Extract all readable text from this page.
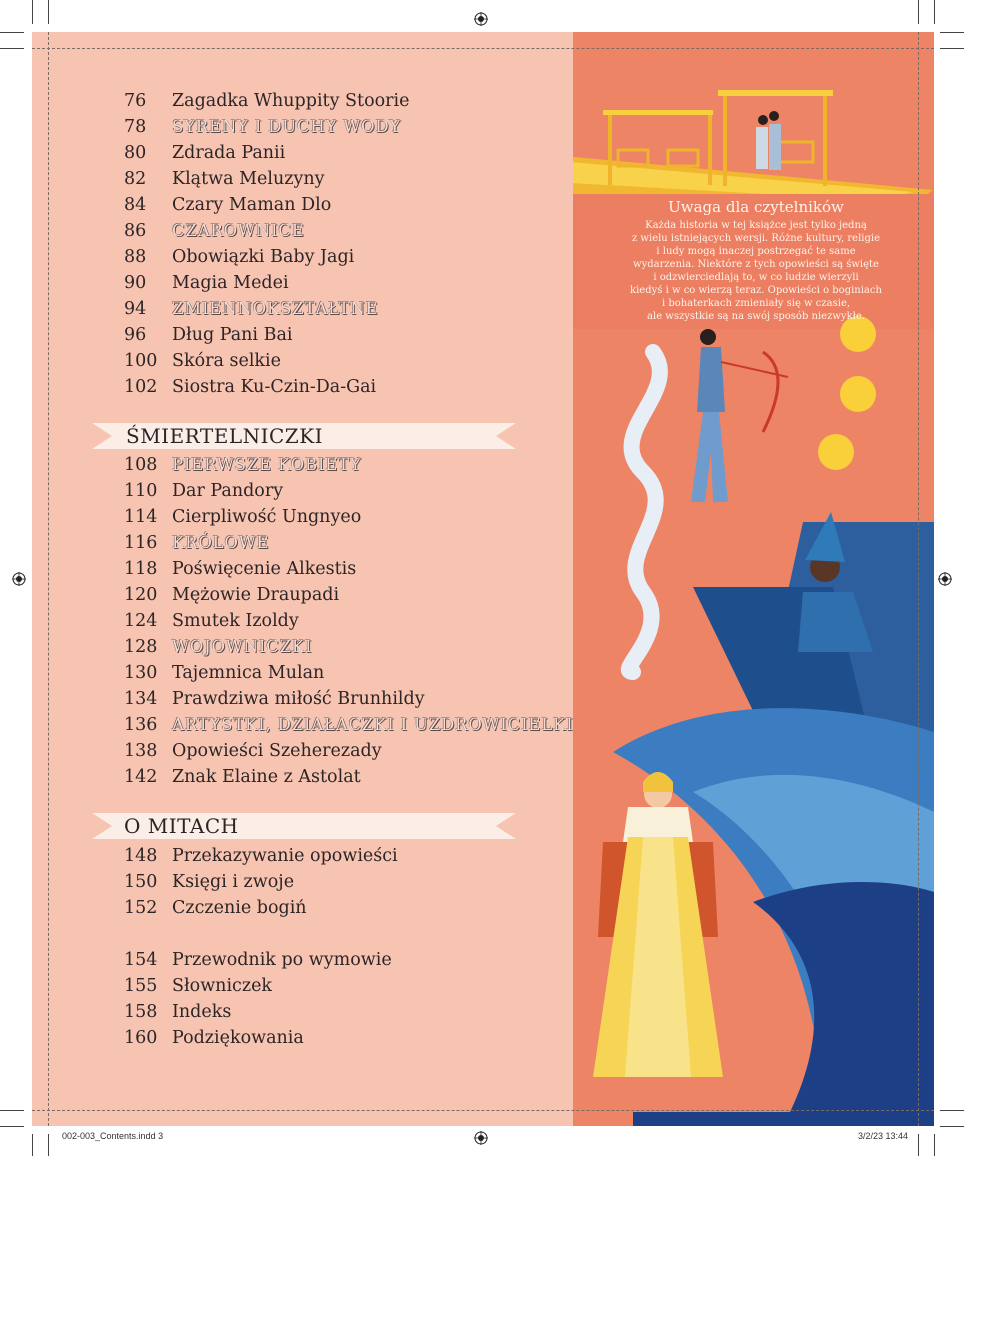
76	Zagadka Whuppity Stoorie
78	SYRENY I DUCHY WODY
80	Zdrada Panii
82	Klątwa Meluzyny
84	Czary Maman Dlo
86	CZAROWNICE
88	Obowiązki Baby Jagi
90	Magia Medei
94	ZMIENNOKSZTAŁTNE
96	Dług Pani Bai
100 Skóra selkie
102 Siostra Ku-Czin-Da-Gai
ŚMIERTELNICZKI
108 PIERWSZE KOBIETY
110 Dar Pandory
114 Cierpliwość Ungnyeo
116 KRÓLOWE
118 Poświęcenie Alkestis
120 Mężowie Draupadi
124 Smutek Izoldy
128 WOJOWNICZKI
130 Tajemnica Mulan
134 Prawdziwa miłość Brunhildy
136 ARTYSTKI, DZIAŁACZKI I UZDROWICIELKI
138 Opowieści Szeherezady
142 Znak Elaine z Astolat
O MITACH
148 Przekazywanie opowieści
150 Księgi i zwoje
152 Czczenie bogiń
154 Przewodnik po wymowie
155 Słowniczek
158 Indeks
160 Podziękowania
Uwaga dla czytelników
Każda historia w tej książce jest tylko jedną
z wielu istniejących wersji. Różne kultury, religie
i ludy mogą inaczej postrzegać te same
wydarzenia. Niektóre z tych opowieści są święte
i odzwierciedlają to, w co ludzie wierzyli
kiedyś i w co wierzą teraz. Opowieści o boginiach
i bohaterkach zmieniały się w czasie,
ale wszystkie są na swój sposób niezwykłe.
002-003_Contents.indd 3	3/2/23 13:44
